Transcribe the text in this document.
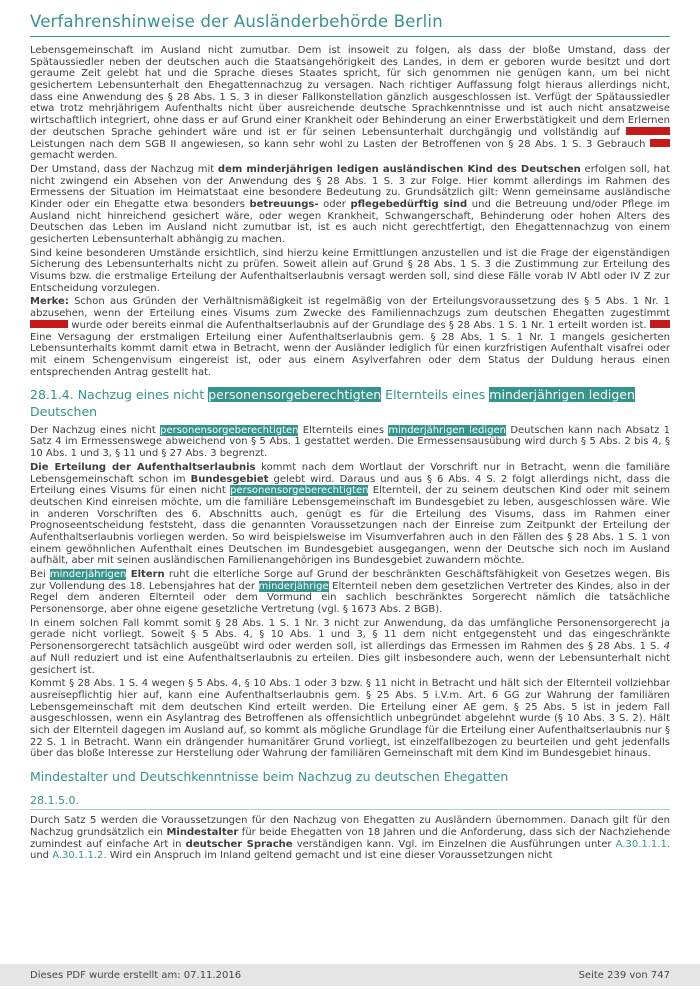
Verfahrenshinweise der Ausländerbehörde Berlin

Lebensgemeinschaft im Ausland nicht zumutbar. Dem ist insoweit zu folgen, als dass der bloße Umstand, dass der Spätaussiedler neben der deutschen auch die Staatsangehörigkeit des Landes, in dem er geboren wurde besitzt und dort geraume Zeit gelebt hat und die Sprache dieses Staates spricht, für sich genommen nie genügen kann, um bei nicht gesichertem Lebensunterhalt den Ehegattennachzug zu versagen. Nach richtiger Auffassung folgt hieraus allerdings nicht, dass eine Anwendung des § 28 Abs. 1 S. 3 in dieser Fallkonstellation gänzlich ausgeschlossen ist. Verfügt der Spätaussiedler etwa trotz mehrjährigem Aufenthalts nicht über ausreichende deutsche Sprachkenntnisse und ist auch nicht ansatzweise wirtschaftlich integriert, ohne dass er auf Grund einer Krankheit oder Behinderung an einer Erwerbstätigkeit und dem Erlernen der deutschen Sprache gehindert wäre und ist er für seinen Lebensunterhalt durchgängig und vollständig auf	Leistungen nach dem SGB II angewiesen, so kann sehr wohl zu Lasten der Betroffenen von § 28 Abs. 1 S. 3 Gebrauch  gemacht werden.

Der Umstand, dass der Nachzug mit dem minderjährigen ledigen ausländischen Kind des Deutschen erfolgen soll, hat nicht zwingend ein Absehen von der Anwendung des § 28 Abs. 1 S. 3 zur Folge. Hier kommt allerdings im Rahmen des Ermessens der Situation im Heimatstaat eine besondere Bedeutung zu. Grundsätzlich gilt: Wenn gemeinsame ausländische Kinder oder ein Ehegatte etwa besonders betreuungs- oder pflegebedürftig sind und die Betreuung und/oder Pflege im Ausland nicht hinreichend gesichert wäre, oder wegen Krankheit, Schwangerschaft, Behinderung oder hohen Alters des Deutschen das Leben im Ausland nicht zumutbar ist, ist es auch nicht gerechtfertigt, den Ehegattennachzug von einem gesicherten Lebensunterhalt abhängig zu machen.

Sind keine besonderen Umstände ersichtlich, sind hierzu keine Ermittlungen anzustellen und ist die Frage der eigenständigen Sicherung des Lebensunterhalts nicht zu prüfen. Soweit allein auf Grund § 28 Abs. 1 S. 3 die Zustimmung zur Erteilung des Visums bzw. die erstmalige Erteilung der Aufenthaltserlaubnis versagt werden soll, sind diese Fälle vorab IV Abtl oder IV Z zur Entscheidung vorzulegen.

Merke: Schon aus Gründen der Verhältnismäßigkeit ist regelmäßig von der Erteilungsvoraussetzung des § 5 Abs. 1 Nr. 1 abzusehen, wenn der Erteilung eines Visums zum Zwecke des Familiennachzugs zum deutschen Ehegatten zugestimmt  wurde oder bereits einmal die Aufenthaltserlaubnis auf der Grundlage des § 28 Abs. 1 S. 1 Nr. 1 erteilt worden ist.  Eine Versagung der erstmaligen Erteilung einer Aufenthaltserlaubnis gem. § 28 Abs. 1 S. 1 Nr. 1 mangels gesicherten Lebensunterhalts kommt damit etwa in Betracht, wenn der Ausländer lediglich für einen kurzfristigen Aufenthalt visafrei oder mit einem Schengenvisum eingereist ist, oder aus einem Asylverfahren oder dem Status der Duldung heraus einen entsprechenden Antrag gestellt hat.

28.1.4. Nachzug eines nicht personensorgeberechtigten Elternteils eines minderjährigen ledigen Deutschen

Der Nachzug eines nicht personensorgeberechtigten Elternteils eines minderjährigen ledigen Deutschen kann nach Absatz 1 Satz 4 im Ermessenswege abweichend von § 5 Abs. 1 gestattet werden. Die Ermessensausübung wird durch § 5 Abs. 2 bis 4, § 10 Abs. 1 und 3, § 11 und § 27 Abs. 3 begrenzt.

Die Erteilung der Aufenthaltserlaubnis kommt nach dem Wortlaut der Vorschrift nur in Betracht, wenn die familiäre Lebensgemeinschaft schon im Bundesgebiet gelebt wird. Daraus und aus § 6 Abs. 4 S. 2 folgt allerdings nicht, dass die Erteilung eines Visums für einen nicht personensorgeberechtigten Elternteil, der zu seinem deutschen Kind oder mit seinem deutschen Kind einreisen möchte, um die familiäre Lebensgemeinschaft im Bundesgebiet zu leben, ausgeschlossen wäre. Wie in anderen Vorschriften des 6. Abschnitts auch, genügt es für die Erteilung des Visums, dass im Rahmen einer Prognoseentscheidung feststeht, dass die genannten Voraussetzungen nach der Einreise zum Zeitpunkt der Erteilung der Aufenthaltserlaubnis vorliegen werden. So wird beispielsweise im Visumverfahren auch in den Fällen des § 28 Abs. 1 S. 1 von einem gewöhnlichen Aufenthalt eines Deutschen im Bundesgebiet ausgegangen, wenn der Deutsche sich noch im Ausland aufhält, aber mit seinen ausländischen Familienangehörigen ins Bundesgebiet zuwandern möchte.

Bei minderjährigen Eltern ruht die elterliche Sorge auf Grund der beschränkten Geschäftsfähigkeit von Gesetzes wegen. Bis zur Vollendung des 18. Lebensjahres hat der minderjährige Elternteil neben dem gesetzlichen Vertreter des Kindes, also in der Regel dem anderen Elternteil oder dem Vormund ein sachlich beschränktes Sorgerecht nämlich die tatsächliche Personensorge, aber ohne eigene gesetzliche Vertretung (vgl. § 1673 Abs. 2 BGB).

In einem solchen Fall kommt somit § 28 Abs. 1 S. 1 Nr. 3 nicht zur Anwendung, da das umfängliche Personensorgerecht ja gerade nicht vorliegt. Soweit § 5 Abs. 4, § 10 Abs. 1 und 3, § 11 dem nicht entgegensteht und das eingeschränkte Personensorgerecht tatsächlich ausgeübt wird oder werden soll, ist allerdings das Ermessen im Rahmen des § 28 Abs. 1 S. 4 auf Null reduziert und ist eine Aufenthaltserlaubnis zu erteilen. Dies gilt insbesondere auch, wenn der Lebensunterhalt nicht gesichert ist.

Kommt § 28 Abs. 1 S. 4 wegen § 5 Abs. 4, § 10 Abs. 1 oder 3 bzw. § 11 nicht in Betracht und hält sich der Elternteil vollziehbar ausreisepflichtig hier auf, kann eine Aufenthaltserlaubnis gem. § 25 Abs. 5 i.V.m. Art. 6 GG zur Wahrung der familiären Lebensgemeinschaft mit dem deutschen Kind erteilt werden. Die Erteilung einer AE gem. § 25 Abs. 5 ist in jedem Fall ausgeschlossen, wenn ein Asylantrag des Betroffenen als offensichtlich unbegründet abgelehnt wurde (§ 10 Abs. 3 S. 2). Hält sich der Elternteil dagegen im Ausland auf, so kommt als mögliche Grundlage für die Erteilung einer Aufenthaltserlaubnis nur § 22 S. 1 in Betracht. Wann ein drängender humanitärer Grund vorliegt, ist einzelfallbezogen zu beurteilen und geht jedenfalls über das bloße Interesse zur Herstellung oder Wahrung der familiären Gemeinschaft mit dem Kind im Bundesgebiet hinaus.

Mindestalter und Deutschkenntnisse beim Nachzug zu deutschen Ehegatten
28.1.5.0.

Durch Satz 5 werden die Voraussetzungen für den Nachzug von Ehegatten zu Ausländern übernommen. Danach gilt für den Nachzug grundsätzlich ein Mindestalter für beide Ehegatten von 18 Jahren und die Anforderung, dass sich der Nachziehende zumindest auf einfache Art in deutscher Sprache verständigen kann. Vgl. im Einzelnen die Ausführungen unter A.30.1.1.1. und A.30.1.1.2. Wird ein Anspruch im Inland geltend gemacht und ist eine dieser Voraussetzungen nicht

Dieses PDF wurde erstellt am: 07.11.2016	Seite 239 von 747
